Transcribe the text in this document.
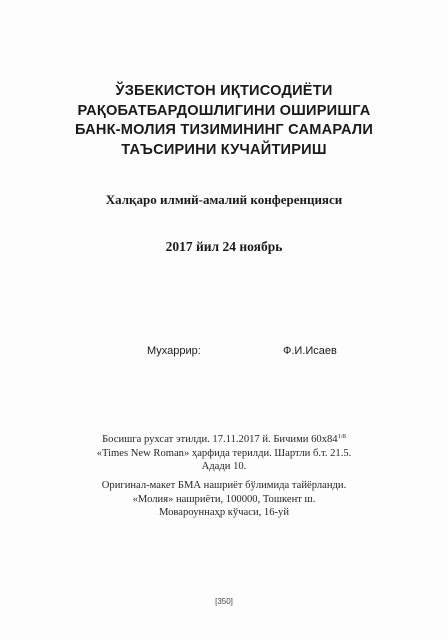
ЎЗБЕКИСТОН ИҚТИСОДИЁТИ
РАҚОБАТБАРДОШЛИГИНИ ОШИРИШГА
БАНК-МОЛИЯ ТИЗИМИНИНГ САМАРАЛИ
ТАЪСИРИНИ КУЧАЙТИРИШ
Халқаро илмий-амалий конференцияси
2017 йил 24 ноябрь
Мухаррир:	Ф.И.Исаев
Босишга рухсат этилди. 17.11.2017 й. Бичими $60х84^{1/8}$
«Times New Roman» ҳарфида терилди. Шартли б.т. 21.5.
Адади 10.
Оригинал-макет БМА нашриёт бўлимида тайёрланди.
«Молия» нашриёти, 100000, Тошкент ш.
Мовароуннаҳр кўчаси, 16-уй
[350]
